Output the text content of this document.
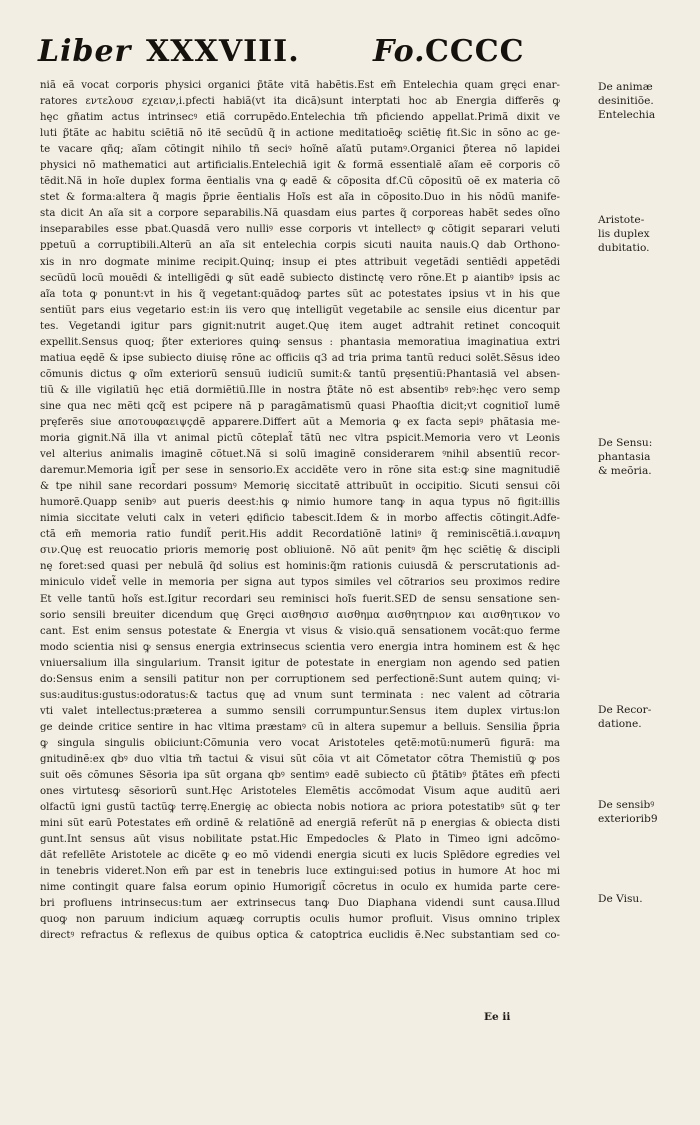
Liber XXXVIII. Fo. CCCC
niã eã vocat corporis physici organici p̃tãte vitã habẽtis.Est em̃ Entelechia quam gręci enar-
ratores εντελουσ εχειαν,i.pfecti habiã(vt ita dicã)sunt interptati hoc ab Energia differẽs ꝙ
hęc gñatim actus intrinsecꝰ etiã corrupẽdo.Entelechia tm̃ pficiendo appellat.Primã dixit ve
luti p̃tãte ac habitu sciẽtiã nõ itẽ secũdũ q̃ in actione meditatioẽꝙ sciẽtię fit.Sic in sõno ac ge-
te vacare qñq; aĩam cõtingit nihilo tñ seciꝰ hoĩnẽ aĩatũ putamꝰ.Organici p̃terea nõ lapidei
physici nõ mathematici aut artificialis.Entelechiã igit & formã essentialẽ aĩam eẽ corporis cõ
tẽdit.Nã in hoĩe duplex forma ẽentialis vna ꝙ eadẽ & cõposita df.Cũ cõpositũ oẽ ex materia cõ
stet & forma:altera q̃ magis p̃prie ẽentialis Hoĩs est aĩa in cõposito.Duo in his nõdũ manife-
sta dicit An aĩa sit a corpore separabilis.Nã quasdam eius partes q̃ corporeas habẽt sedes oĩno
inseparabiles esse pbat.Quasdã vero nulliꝰ esse corporis vt intellectꝰ ꝙ cõtigit separari veluti
ppetuũ a corruptibili.Alterũ an aĩa sit entelechia corpis sicuti nauita nauis.Q dab Orthono-
xis in nro dogmate minime recipit.Quinq; insup ei ptes attribuit vegetãdi sentiẽdi appetẽdi
secũdũ locũ mouẽdi & intelligẽdi ꝙ sũt eadẽ subiecto distinctę vero rõne.Et p aiantibꝰ ipsis ac
aĩa tota ꝙ ponunt:vt in his q̃ vegetant:quãdoꝙ partes sũt ac potestates ipsius vt in his que
sentiũt pars eius vegetario est:in iis vero quę intelligũt vegetabile ac sensile eius dicentur par
tes. Vegetandi igitur pars gignit:nutrit auget.Quę item auget adtrahit retinet concoquit
expellit.Sensus quoq; p̃ter exteriores quinꝙ sensus : phantasia memoratiua imaginatiua extri
matiua eędẽ & ipse subiecto diuisę rõne ac officiis q3 ad tria prima tantũ reduci solẽt.Sẽsus ideo
cõmunis dictus ꝙ oĩm exteriorũ sensuũ iudiciũ sumit:& tantũ pręsentiũ:Phantasiã vel absen-
tiũ & ille vigilatiũ hęc etiã dormiẽtiũ.Ille in nostra p̃tãte nõ est absentibꝰ rebꝰ:hęc vero semp
sine qua nec mẽti qcq̃ est pcipere nã p paragãmatismũ quasi Phaoſtia dicit;vt cognitioĩ lumẽ
pręferẽs siue απoτoυφαειψçdẽ apparere.Differt aũt a Memoria ꝙ ex facta sepiꝰ phãtasia me-
moria gignit.Nã illa vt animal pictũ cõteplat̃ tãtũ nec vltra pspicit.Memoria vero vt Leonis
vel alterius animalis imaginẽ cõtuet.Nã si solũ imaginẽ considerarem ꝰnihil absentiũ recor-
daremur.Memoria igit̃ per sese in sensorio.Ex accidẽte vero in rõne sita est:ꝙ sine magnitudiẽ
& tpe nihil sane recordari possumꝰ Memorię siccitatẽ attribuũt in occipitio. Sicuti sensui cõi
humorẽ.Quapp senibꝰ aut pueris deest:his ꝙ nimio humore tanꝙ in aqua typus nõ figit:illis
nimia siccitate veluti calx in veteri ędificio tabescit.Idem & in morbo affectis cõtingit.Adfe-
ctã em̃ memoria ratio fundit̃ perit.His addit Recordatiõnẽ latiniꝰ q̃ reminiscẽtiã.i.αναμνη
σιν.Quę est reuocatio prioris memorię post obliuionẽ. Nõ aũt penitꝰ q̃m hęc sciẽtię & discipli
nę foret:sed quasi per nebulã q̃d solius est hominis:q̃m rationis cuiusdã & perscrutationis ad-
miniculo videt̃ velle in memoria per signa aut typos similes vel cõtrarios seu proximos redire
Et velle tantũ hoĩs est.Igitur recordari seu reminisci hoĩs fuerit.SED de sensu sensatione sen-
sorio sensili breuiter dicendum quę Gręci αισθησισ αισθημα αισθητηριον και αισθητικον vo
cant. Est enim sensus potestate & Energia vt visus & visio.quã sensationem vocãt:quo ferme
modo scientia nisi ꝙ sensus energia extrinsecus scientia vero energia intra hominem est & hęc
vniuersalium illa singularium. Transit igitur de potestate in energiam non agendo sed patien
do:Sensus enim a sensili patitur non per corruptionem sed perfectionẽ:Sunt autem quinq; vi-
sus:auditus:gustus:odoratus:& tactus quę ad vnum sunt terminata : nec valent ad cõtraria
vti valet intellectus:prӕterea a summo sensili corrumpuntur.Sensus item duplex virtus:lon
ge deinde critice sentire in hac vltima prӕstamꝰ cũ in altera supemur a belluis. Sensilia p̃pria
ꝙ singula singulis obiiciunt:Cõmunia vero vocat Aristoteles qetẽ:motũ:numerũ figurã: ma
gnitudinẽ:ex qbꝰ duo vltia tm̃ tactui & visui sũt cõia vt ait Cõmetator cõtra Themistiũ ꝙ pos
suit oẽs cõmunes Sẽsoria ipa sũt organa qbꝰ sentimꝰ eadẽ subiecto cũ p̃tãtibꝰ p̃tãtes em̃ pfecti
ones virtutesꝙ sẽsoriorũ sunt.Hęc Aristoteles Elemẽtis accõmodat Visum aque auditũ aeri
olfactũ igni gustũ tactũꝙ terrę.Energię ac obiecta nobis notiora ac priora potestatibꝰ sũt ꝙ ter
mini sũt earũ Potestates em̃ ordinẽ & relatiõnẽ ad energiã referũt nã p energias & obiecta disti
gunt.Int sensus aũt visus nobilitate pstat.Hic Empedocles & Plato in Timeo igni adcõmo-
dãt refellẽte Aristotele ac dicẽte ꝙ eo mõ videndi energia sicuti ex lucis Splẽdore egredies vel
in tenebris videret.Non em̃ par est in tenebris luce extingui:sed potius in humore At hoc mi
nime contingit quare falsa eorum opinio Humorigit̃ cõcretus in oculo ex humida parte cere-
bri profluens intrinsecus:tum aer extrinsecus tanꝙ Duo Diaphana videndi sunt causa.Illud
quoꝙ non paruum indicium aquӕꝙ corruptis oculis humor profluit. Visus omnino triplex
directꝰ refractus & reflexus de quibus optica & catoptrica euclidis ẽ.Nec substantiam sed co-
Ee ii
De animӕ
desinitiõe.
Entelechia
Aristote-
lis duplex
dubitatio.
De Sensu:
phantasia
& meõria.
De Recor-
datione.
De sensibꝰ
exteriorib9
De Visu.
